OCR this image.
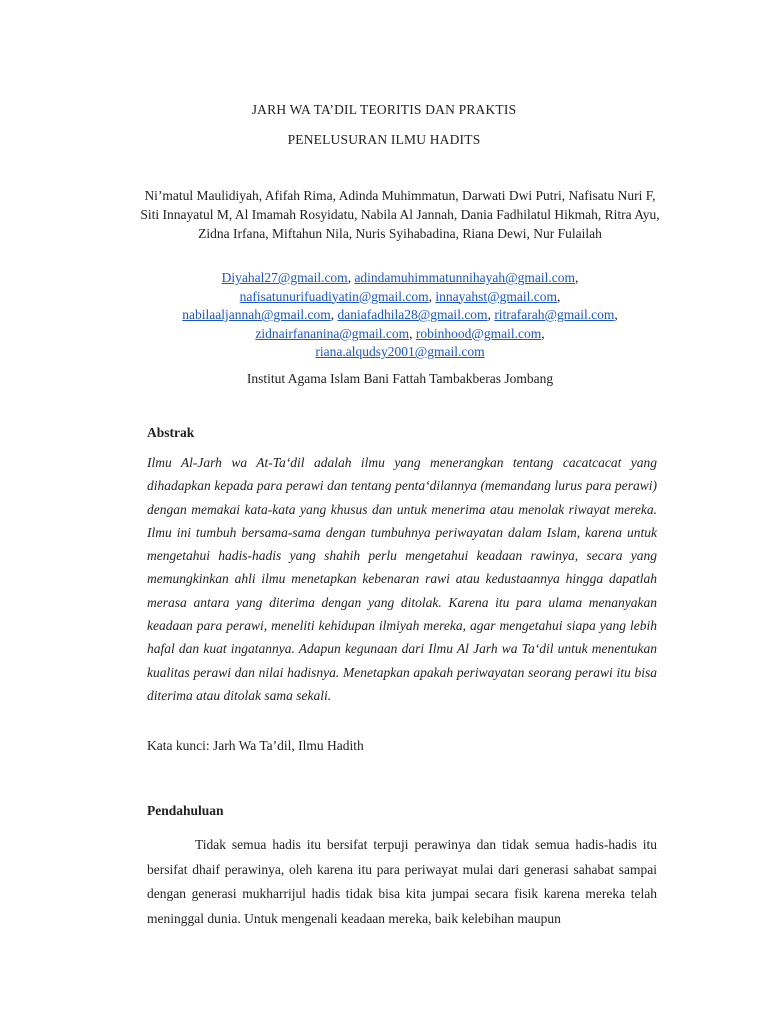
JARH WA TA’DIL TEORITIS DAN PRAKTIS
PENELUSURAN ILMU HADITS
Ni’matul Maulidiyah, Afifah Rima, Adinda Muhimmatun, Darwati Dwi Putri, Nafisatu Nuri F, Siti Innayatul M, Al Imamah Rosyidatu, Nabila Al Jannah, Dania Fadhilatul Hikmah, Ritra Ayu, Zidna Irfana, Miftahun Nila, Nuris Syihabadina, Riana Dewi, Nur Fulailah
Diyahal27@gmail.com, adindamuhimmatunnihayah@gmail.com,
nafisatunurifuadiyatin@gmail.com, innayahst@gmail.com,
nabilaaljannah@gmail.com, daniafadhila28@gmail.com, ritrafarah@gmail.com,
zidnairfananina@gmail.com, robinhood@gmail.com,
riana.alqudsy2001@gmail.com
Institut Agama Islam Bani Fattah Tambakberas Jombang
Abstrak
Ilmu Al-Jarh wa At-Ta‘dil adalah ilmu yang menerangkan tentang cacatcacat yang dihadapkan kepada para perawi dan tentang penta‘dilannya (memandang lurus para perawi) dengan memakai kata-kata yang khusus dan untuk menerima atau menolak riwayat mereka. Ilmu ini tumbuh bersama-sama dengan tumbuhnya periwayatan dalam Islam, karena untuk mengetahui hadis-hadis yang shahih perlu mengetahui keadaan rawinya, secara yang memungkinkan ahli ilmu menetapkan kebenaran rawi atau kedustaannya hingga dapatlah merasa antara yang diterima dengan yang ditolak. Karena itu para ulama menanyakan keadaan para perawi, meneliti kehidupan ilmiyah mereka, agar mengetahui siapa yang lebih hafal dan kuat ingatannya. Adapun kegunaan dari Ilmu Al Jarh wa Ta‘dil untuk menentukan kualitas perawi dan nilai hadisnya. Menetapkan apakah periwayatan seorang perawi itu bisa diterima atau ditolak sama sekali.
Kata kunci: Jarh Wa Ta’dil, Ilmu Hadith
Pendahuluan
Tidak semua hadis itu bersifat terpuji perawinya dan tidak semua hadis-hadis itu bersifat dhaif perawinya, oleh karena itu para periwayat mulai dari generasi sahabat sampai dengan generasi mukharrijul hadis tidak bisa kita jumpai secara fisik karena mereka telah meninggal dunia. Untuk mengenali keadaan mereka, baik kelebihan maupun
